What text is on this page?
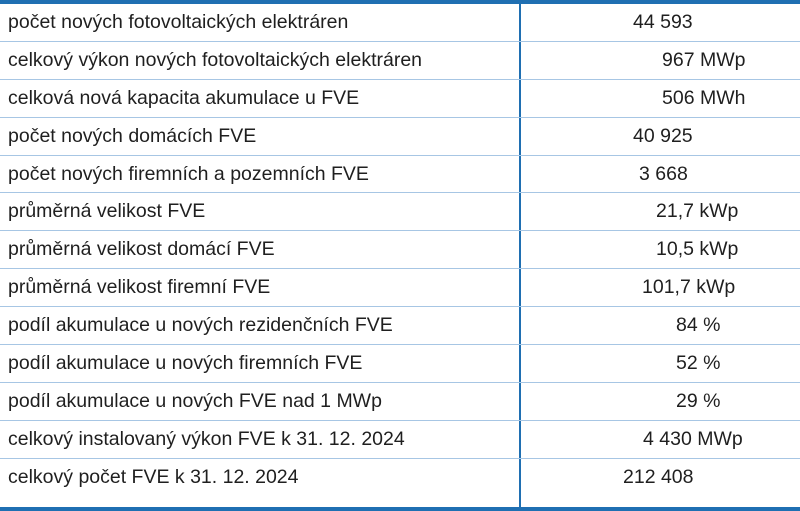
počet nových fotovoltaických elektráren	44 593
celkový výkon nových fotovoltaických elektráren	967 MWp
celková nová kapacita akumulace u FVE	506 MWh
počet nových domácích FVE	40 925
počet nových firemních a pozemních FVE	3 668
průměrná velikost FVE	21,7 kWp
průměrná velikost domácí FVE	10,5 kWp
průměrná velikost firemní FVE	101,7 kWp
podíl akumulace u nových rezidenčních FVE	84 %
podíl akumulace u nových firemních FVE	52 %
podíl akumulace u nových FVE nad 1 MWp	29 %
celkový instalovaný výkon FVE k 31. 12. 2024	4 430 MWp
celkový počet FVE k 31. 12. 2024	212 408
